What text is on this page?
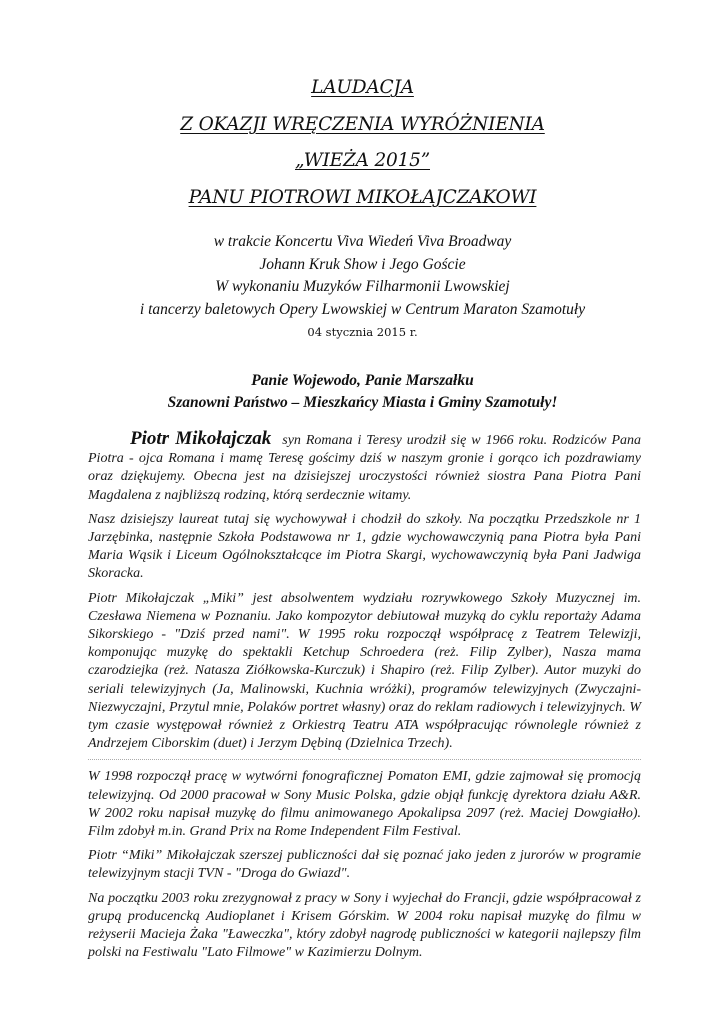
LAUDACJA
Z OKAZJI WRĘCZENIA WYRÓŻNIENIA
„WIEŻA 2015”
PANU PIOTROWI MIKOŁAJCZAKOWI
w trakcie Koncertu Viva Wiedeń Viva Broadway
Johann Kruk Show i Jego Goście
W wykonaniu Muzyków Filharmonii Lwowskiej
i tancerzy baletowych Opery Lwowskiej w Centrum Maraton Szamotuły
04 stycznia 2015 r.
Panie Wojewodo, Panie Marszałku
Szanowni Państwo – Mieszkańcy Miasta i Gminy Szamotuły!

Piotr Mikołajczak syn Romana i Teresy urodził się w 1966 roku. Rodziców Pana Piotra - ojca Romana i mamę Teresę gościmy dziś w naszym gronie i gorąco ich pozdrawiamy oraz dziękujemy. Obecna jest na dzisiejszej uroczystości również siostra Pana Piotra Pani Magdalena z najbliższą rodziną, którą serdecznie witamy.

Nasz dzisiejszy laureat tutaj się wychowywał i chodził do szkoły. Na początku Przedszkole nr 1 Jarzębinka, następnie Szkoła Podstawowa nr 1, gdzie wychowawczynią pana Piotra była Pani Maria Wąsik i Liceum Ogólnokształcące im Piotra Skargi, wychowawczynią była Pani Jadwiga Skoracka.

Piotr Mikołajczak „Miki” jest absolwentem wydziału rozrywkowego Szkoły Muzycznej im. Czesława Niemena w Poznaniu. Jako kompozytor debiutował muzyką do cyklu reportaży Adama Sikorskiego - "Dziś przed nami". W 1995 roku rozpoczął współpracę z Teatrem Telewizji, komponując muzykę do spektakli Ketchup Schroedera (reż. Filip Zylber), Nasza mama czarodziejka (reż. Natasza Ziółkowska-Kurczuk) i Shapiro (reż. Filip Zylber). Autor muzyki do seriali telewizyjnych (Ja, Malinowski, Kuchnia wróżki), programów telewizyjnych (Zwyczajni-Niezwyczajni, Przytul mnie, Polaków portret własny) oraz do reklam radiowych i telewizyjnych. W tym czasie występował również z Orkiestrą Teatru ATA współpracując równolegle również z Andrzejem Ciborskim (duet) i Jerzym Dębiną (Dzielnica Trzech).

W 1998 rozpoczął pracę w wytwórni fonograficznej Pomaton EMI, gdzie zajmował się promocją telewizyjną. Od 2000 pracował w Sony Music Polska, gdzie objął funkcję dyrektora działu A&R. W 2002 roku napisał muzykę do filmu animowanego Apokalipsa 2097 (reż. Maciej Dowgiałło). Film zdobył m.in. Grand Prix na Rome Independent Film Festival.

Piotr “Miki” Mikołajczak szerszej publiczności dał się poznać jako jeden z jurorów w programie telewizyjnym stacji TVN - "Droga do Gwiazd".

Na początku 2003 roku zrezygnował z pracy w Sony i wyjechał do Francji, gdzie współpracował z grupą producencką Audioplanet i Krisem Górskim. W 2004 roku napisał muzykę do filmu w reżyserii Macieja Żaka "Ławeczka", który zdobył nagrodę publiczności w kategorii najlepszy film polski na Festiwalu "Lato Filmowe" w Kazimierzu Dolnym.
